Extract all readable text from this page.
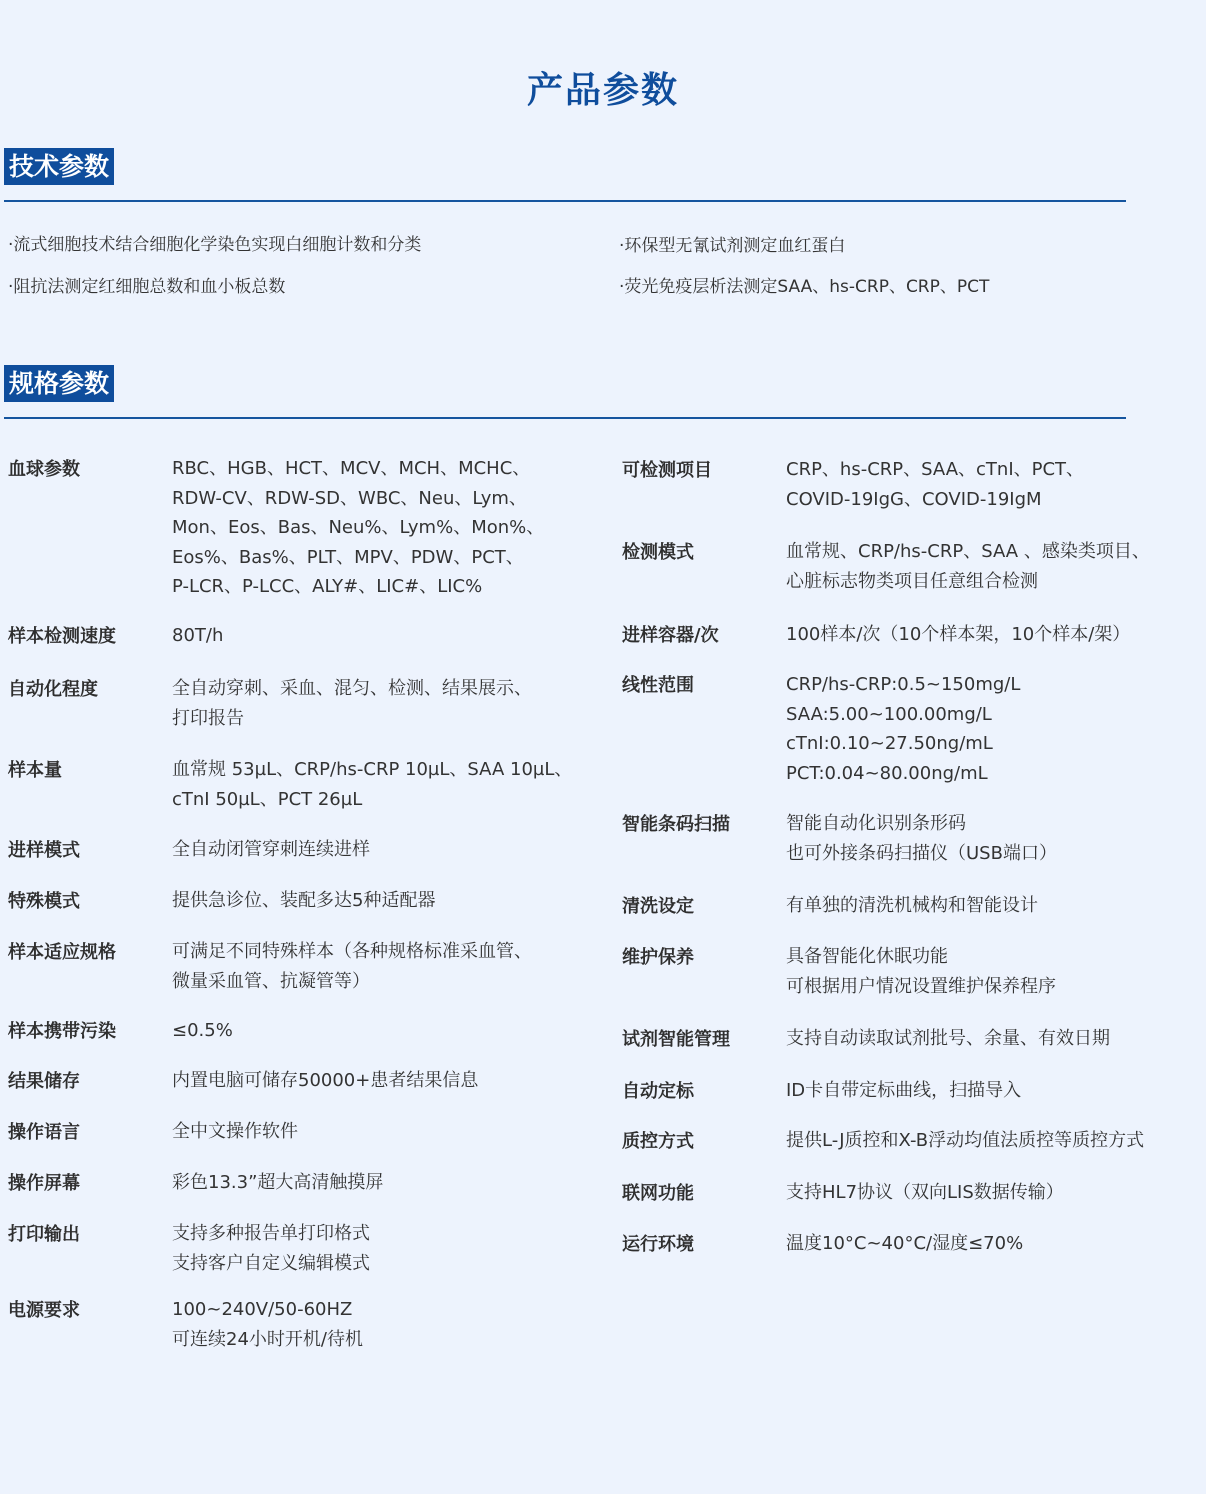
产品参数
技术参数
·流式细胞技术结合细胞化学染色实现白细胞计数和分类	·环保型无氰试剂测定血红蛋白
·阻抗法测定红细胞总数和血小板总数	·荧光免疫层析法测定SAA、hs-CRP、CRP、PCT
规格参数
血球参数	RBC、HGB、HCT、MCV、MCH、MCHC、
RDW-CV、RDW-SD、WBC、Neu、Lym、
Mon、Eos、Bas、Neu%、Lym%、Mon%、
Eos%、Bas%、PLT、MPV、PDW、PCT、
P-LCR、P-LCC、ALY#、LIC#、LIC%
样本检测速度	80T/h
自动化程度	全自动穿刺、采血、混匀、检测、结果展示、
打印报告
样本量	血常规 53µL、CRP/hs-CRP 10µL、SAA 10µL、
cTnI 50µL、PCT 26µL
进样模式	全自动闭管穿刺连续进样
特殊模式	提供急诊位、装配多达5种适配器
样本适应规格	可满足不同特殊样本（各种规格标准采血管、
微量采血管、抗凝管等）
样本携带污染	≤0.5%
结果储存	内置电脑可储存50000+患者结果信息
操作语言	全中文操作软件
操作屏幕	彩色13.3”超大高清触摸屏
打印输出	支持多种报告单打印格式
支持客户自定义编辑模式
电源要求	100~240V/50-60HZ
可连续24小时开机/待机
可检测项目	CRP、hs-CRP、SAA、cTnI、PCT、
COVID-19IgG、COVID-19IgM
检测模式	血常规、CRP/hs-CRP、SAA 、感染类项目、
心脏标志物类项目任意组合检测
进样容器/次	100样本/次（10个样本架，10个样本/架）
线性范围	CRP/hs-CRP:0.5~150mg/L
SAA:5.00~100.00mg/L
cTnI:0.10~27.50ng/mL
PCT:0.04~80.00ng/mL
智能条码扫描	智能自动化识别条形码
也可外接条码扫描仪（USB端口）
清洗设定	有单独的清洗机械构和智能设计
维护保养	具备智能化休眠功能
可根据用户情况设置维护保养程序
试剂智能管理	支持自动读取试剂批号、余量、有效日期
自动定标	ID卡自带定标曲线，扫描导入
质控方式	提供L-J质控和X-B浮动均值法质控等质控方式
联网功能	支持HL7协议（双向LIS数据传输）
运行环境	温度10°C~40°C/湿度≤70%
